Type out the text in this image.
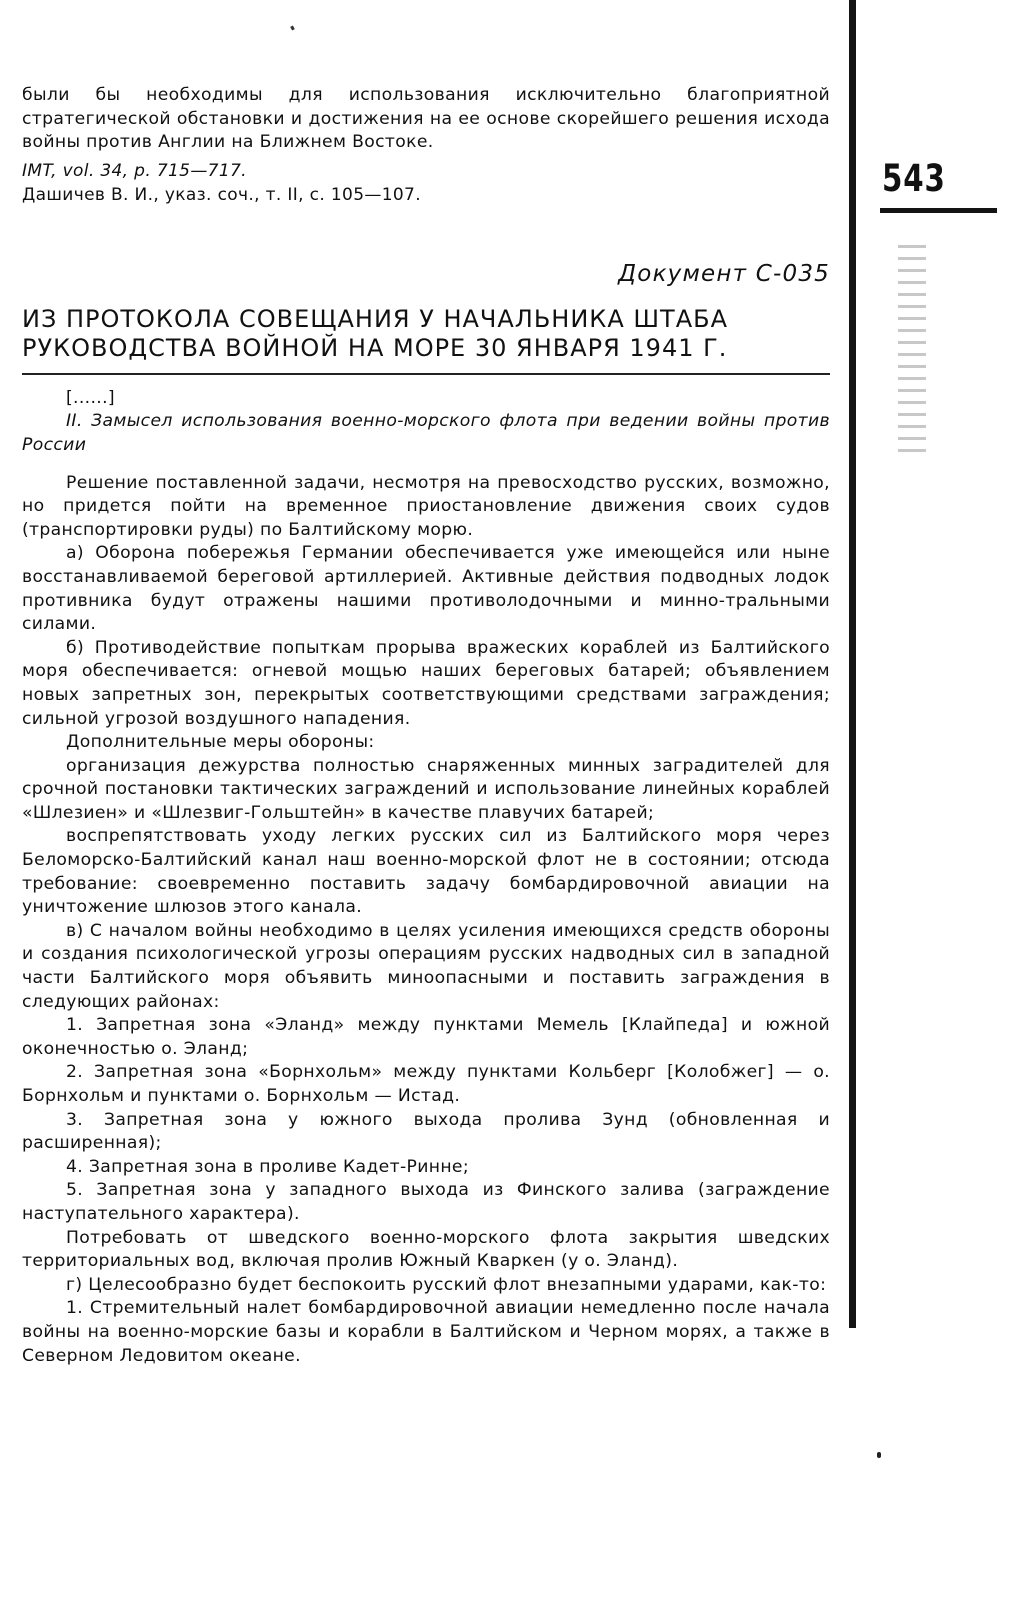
были бы необходимы для использования исключительно благоприятной стратегической обстановки и достижения на ее основе скорейшего решения исхода войны против Англии на Ближнем Востоке.

IMT, vol. 34, p. 715—717.

Дашичев В. И., указ. соч., т. II, с. 105—107.

Документ С-035

ИЗ ПРОТОКОЛА СОВЕЩАНИЯ У НАЧАЛЬНИКА ШТАБА РУКОВОДСТВА ВОЙНОЙ НА МОРЕ 30 ЯНВАРЯ 1941 Г.

[......]

II. Замысел использования военно-морского флота при ведении войны против России

Решение поставленной задачи, несмотря на превосходство русских, возможно, но придется пойти на временное приостановление движения своих судов (транспортировки руды) по Балтийскому морю.

а) Оборона побережья Германии обеспечивается уже имеющейся или ныне восстанавливаемой береговой артиллерией. Активные действия подводных лодок противника будут отражены нашими противолодочными и минно-тральными силами.

б) Противодействие попыткам прорыва вражеских кораблей из Балтийского моря обеспечивается: огневой мощью наших береговых батарей; объявлением новых запретных зон, перекрытых соответствующими средствами заграждения; сильной угрозой воздушного нападения.

Дополнительные меры обороны:

организация дежурства полностью снаряженных минных заградителей для срочной постановки тактических заграждений и использование линейных кораблей «Шлезиен» и «Шлезвиг-Гольштейн» в качестве плавучих батарей;

воспрепятствовать уходу легких русских сил из Балтийского моря через Беломорско-Балтийский канал наш военно-морской флот не в состоянии; отсюда требование: своевременно поставить задачу бомбардировочной авиации на уничтожение шлюзов этого канала.

в) С началом войны необходимо в целях усиления имеющихся средств обороны и создания психологической угрозы операциям русских надводных сил в западной части Балтийского моря объявить миноопасными и поставить заграждения в следующих районах:

1. Запретная зона «Эланд» между пунктами Мемель [Клайпеда] и южной оконечностью о. Эланд;

2. Запретная зона «Борнхольм» между пунктами Кольберг [Колобжег] — о. Борнхольм и пунктами о. Борнхольм — Истад.

3. Запретная зона у южного выхода пролива Зунд (обновленная и расширенная);

4. Запретная зона в проливе Кадет-Ринне;

5. Запретная зона у западного выхода из Финского залива (заграждение наступательного характера).

Потребовать от шведского военно-морского флота закрытия шведских территориальных вод, включая пролив Южный Кваркен (у о. Эланд).

г) Целесообразно будет беспокоить русский флот внезапными ударами, как-то:

1. Стремительный налет бомбардировочной авиации немедленно после начала войны на военно-морские базы и корабли в Балтийском и Черном морях, а также в Северном Ледовитом океане.

543
